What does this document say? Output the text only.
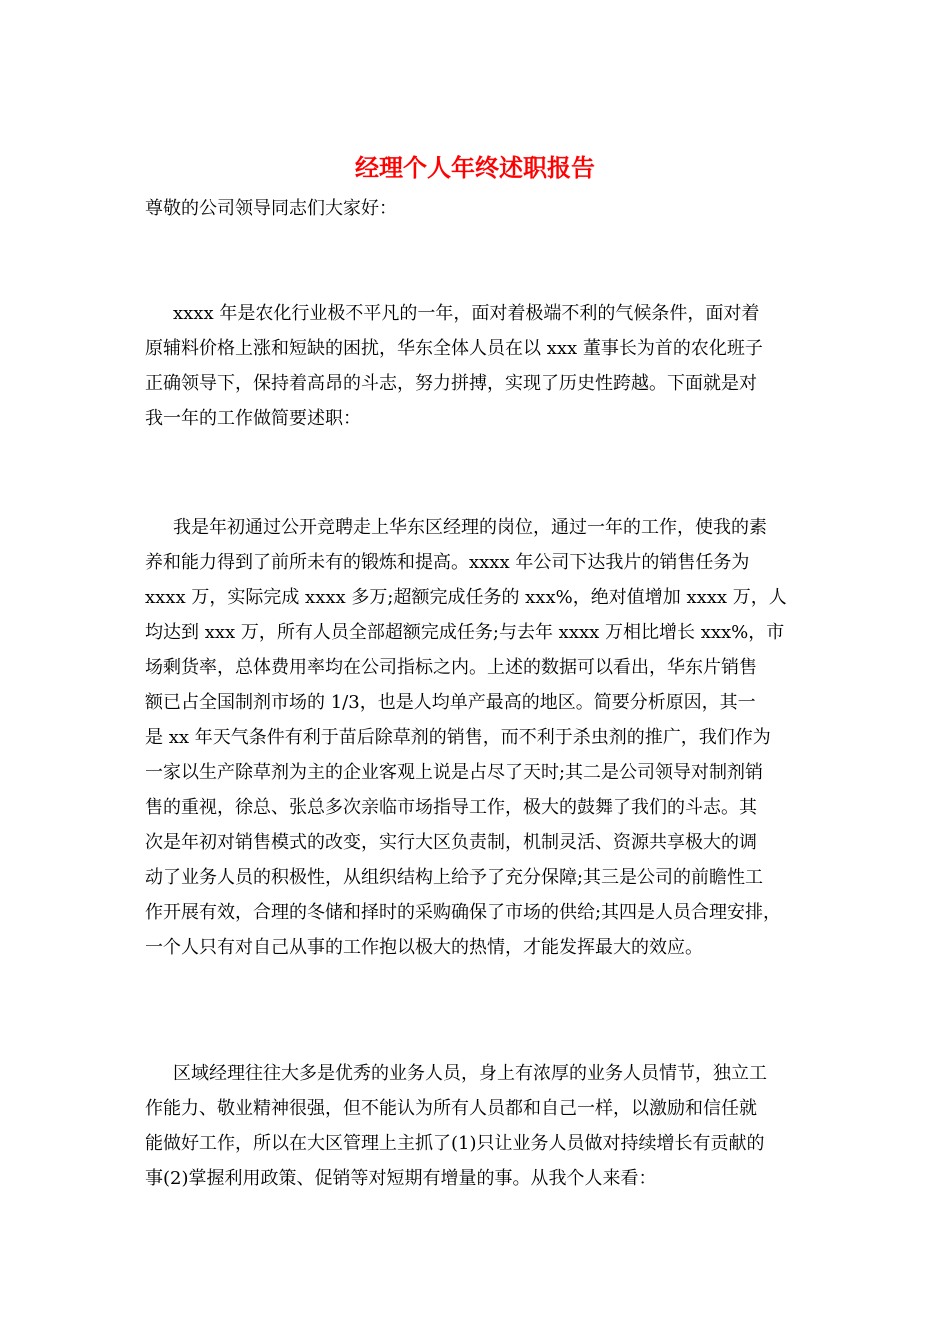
经理个人年终述职报告

尊敬的公司领导同志们大家好：

xxxx 年是农化行业极不平凡的一年，面对着极端不利的气候条件，面对着
原辅料价格上涨和短缺的困扰，华东全体人员在以 xxx 董事长为首的农化班子
正确领导下，保持着高昂的斗志，努力拼搏，实现了历史性跨越。下面就是对
我一年的工作做简要述职：
我是年初通过公开竞聘走上华东区经理的岗位，通过一年的工作，使我的素
养和能力得到了前所未有的锻炼和提高。xxxx 年公司下达我片的销售任务为
xxxx 万，实际完成 xxxx 多万;超额完成任务的 xxx%，绝对值增加 xxxx 万，人
均达到 xxx 万，所有人员全部超额完成任务;与去年 xxxx 万相比增长 xxx%，市
场剩货率，总体费用率均在公司指标之内。上述的数据可以看出，华东片销售
额已占全国制剂市场的 1/3，也是人均单产最高的地区。简要分析原因，其一
是 xx 年天气条件有利于苗后除草剂的销售，而不利于杀虫剂的推广，我们作为
一家以生产除草剂为主的企业客观上说是占尽了天时;其二是公司领导对制剂销
售的重视，徐总、张总多次亲临市场指导工作，极大的鼓舞了我们的斗志。其
次是年初对销售模式的改变，实行大区负责制，机制灵活、资源共享极大的调
动了业务人员的积极性，从组织结构上给予了充分保障;其三是公司的前瞻性工
作开展有效，合理的冬储和择时的采购确保了市场的供给;其四是人员合理安排，
一个人只有对自己从事的工作抱以极大的热情，才能发挥最大的效应。
区域经理往往大多是优秀的业务人员，身上有浓厚的业务人员情节，独立工
作能力、敬业精神很强，但不能认为所有人员都和自己一样，以激励和信任就
能做好工作，所以在大区管理上主抓了(1)只让业务人员做对持续增长有贡献的
事(2)掌握利用政策、促销等对短期有增量的事。从我个人来看：
